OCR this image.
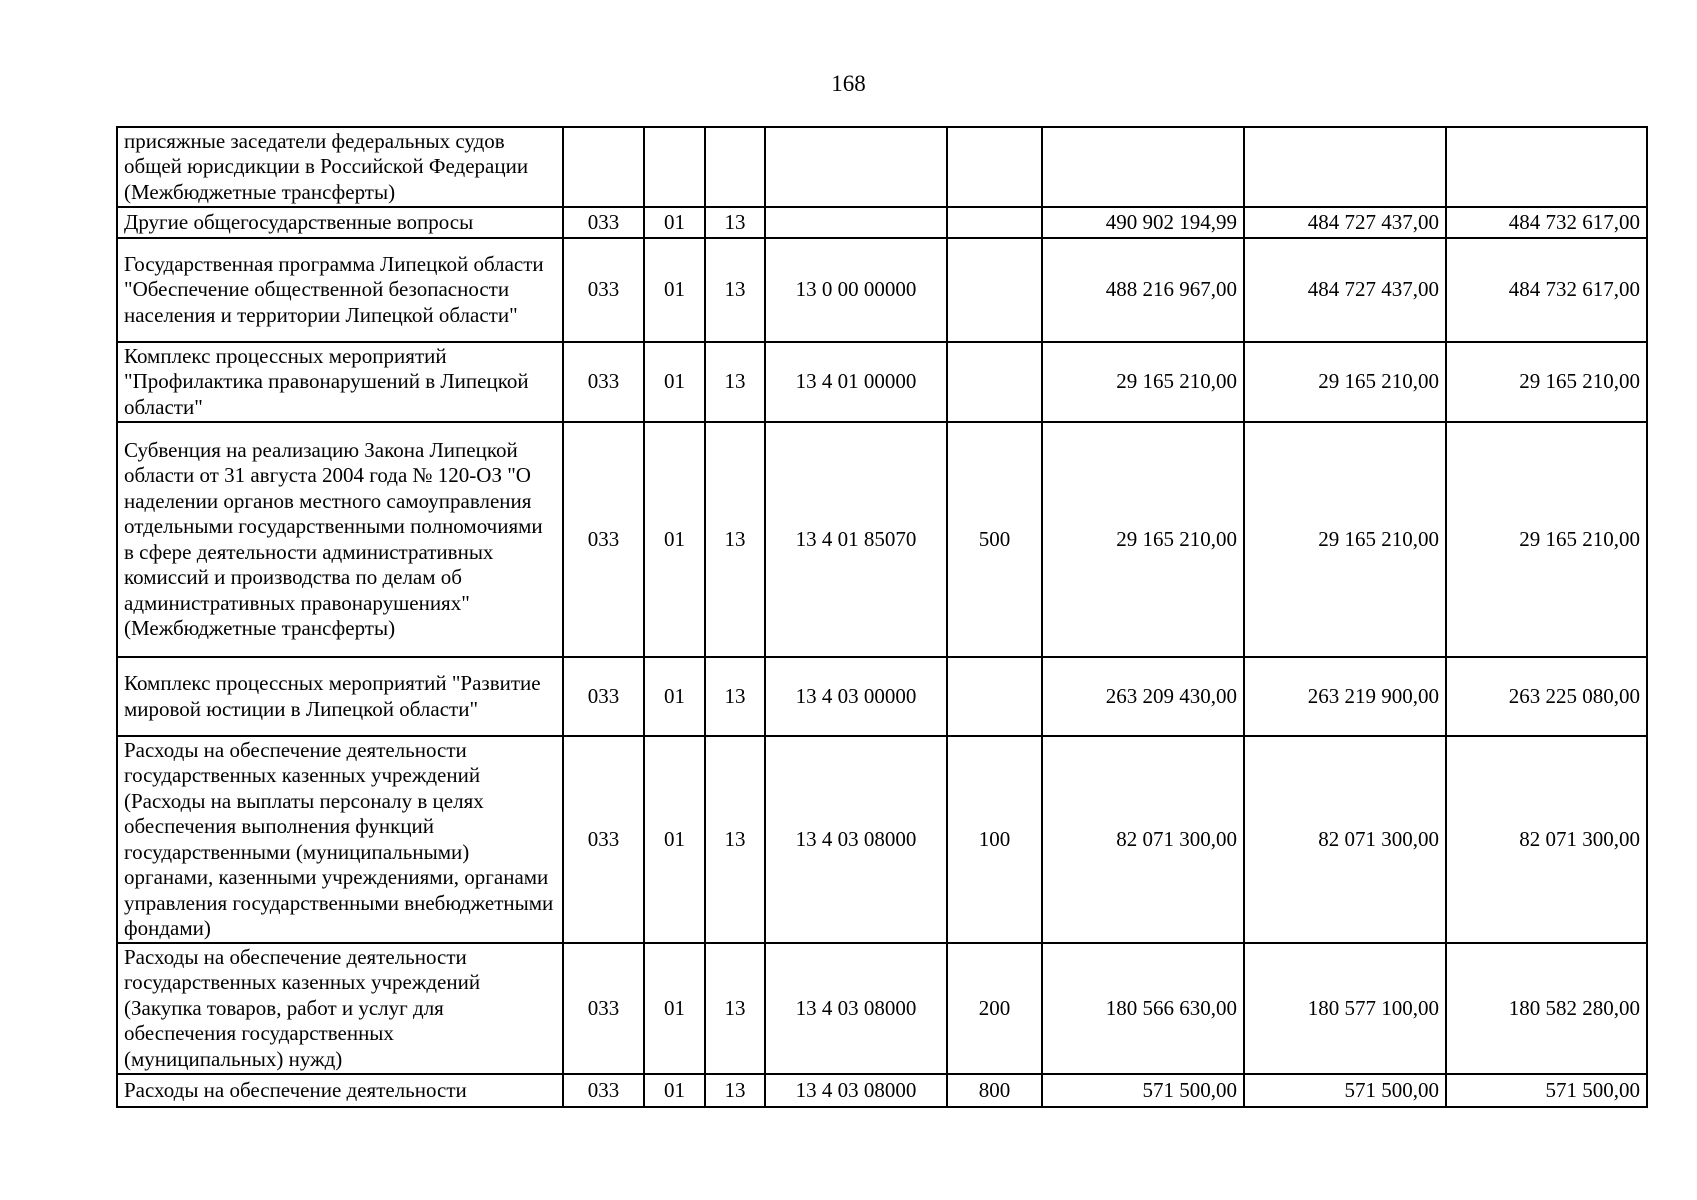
168
присяжные заседатели федеральных судов общей юрисдикции в Российской Федерации (Межбюджетные трансферты)								
Другие общегосударственные вопросы	033	01	13			490 902 194,99	484 727 437,00	484 732 617,00
Государственная программа Липецкой области "Обеспечение общественной безопасности населения и территории Липецкой области"	033	01	13	13 0 00 00000		488 216 967,00	484 727 437,00	484 732 617,00
Комплекс процессных мероприятий "Профилактика правонарушений в Липецкой области"	033	01	13	13 4 01 00000		29 165 210,00	29 165 210,00	29 165 210,00
Субвенция на реализацию Закона Липецкой области от 31 августа 2004 года № 120-ОЗ "О наделении органов местного самоуправления отдельными государственными полномочиями в сфере деятельности административных комиссий и производства по делам об административных правонарушениях" (Межбюджетные трансферты)	033	01	13	13 4 01 85070	500	29 165 210,00	29 165 210,00	29 165 210,00
Комплекс процессных мероприятий "Развитие мировой юстиции в Липецкой области"	033	01	13	13 4 03 00000		263 209 430,00	263 219 900,00	263 225 080,00
Расходы на обеспечение деятельности государственных казенных учреждений (Расходы на выплаты персоналу в целях обеспечения выполнения функций государственными (муниципальными) органами, казенными учреждениями, органами управления государственными внебюджетными фондами)	033	01	13	13 4 03 08000	100	82 071 300,00	82 071 300,00	82 071 300,00
Расходы на обеспечение деятельности государственных казенных учреждений (Закупка товаров, работ и услуг для обеспечения государственных (муниципальных) нужд)	033	01	13	13 4 03 08000	200	180 566 630,00	180 577 100,00	180 582 280,00
Расходы на обеспечение деятельности	033	01	13	13 4 03 08000	800	571 500,00	571 500,00	571 500,00
